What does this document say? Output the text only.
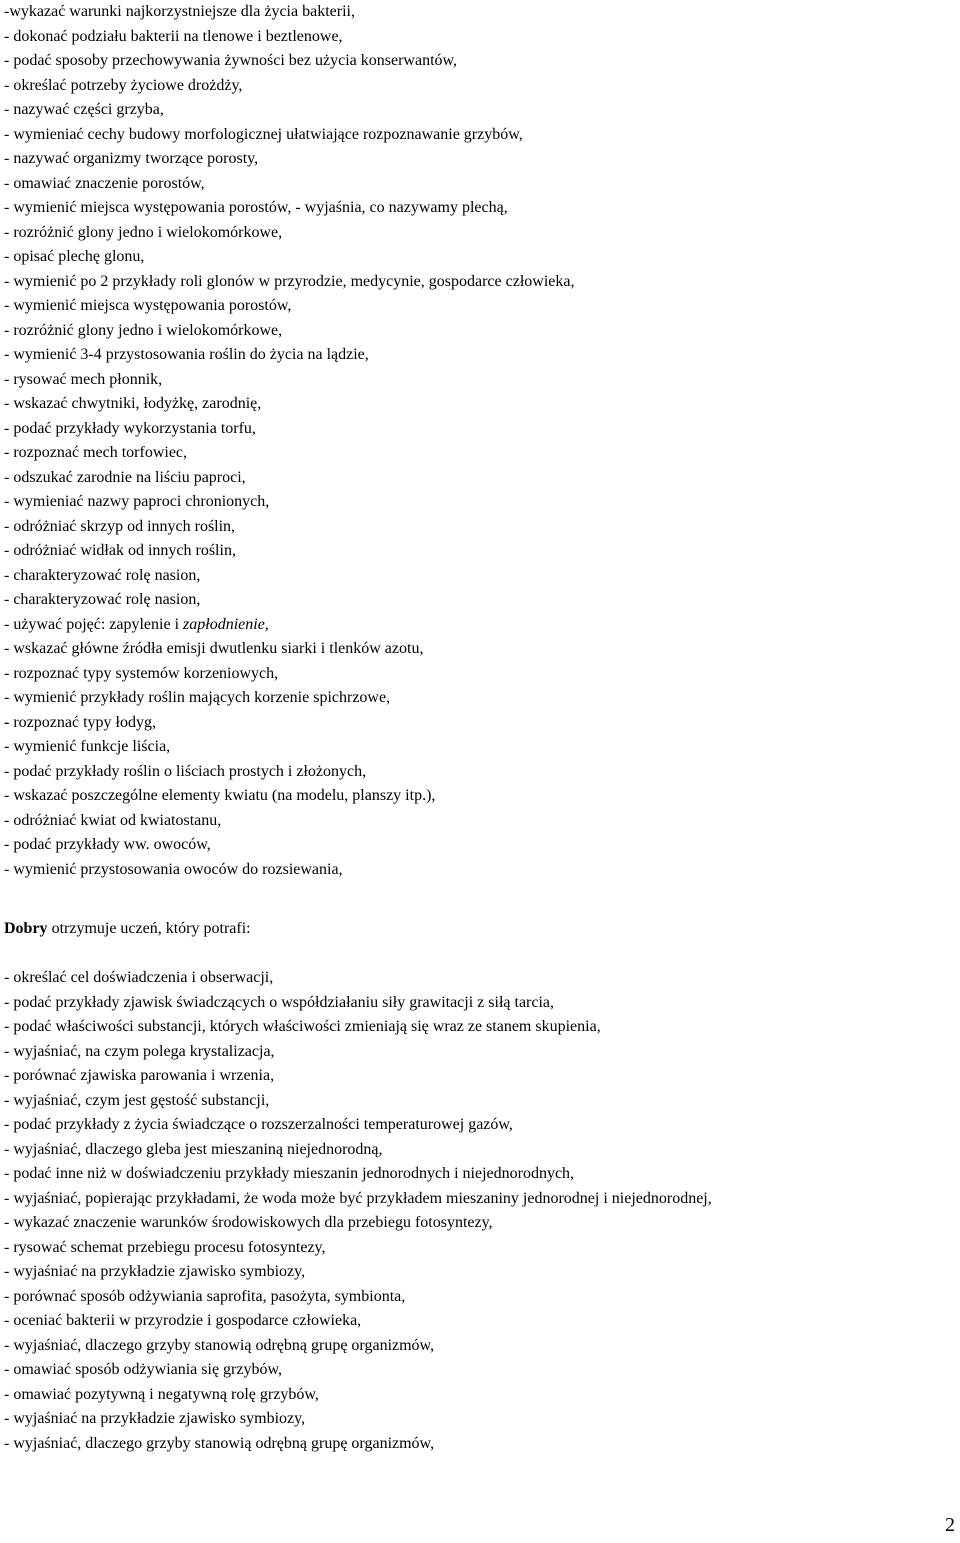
-wykazać warunki najkorzystniejsze dla życia bakterii,
- dokonać podziału bakterii na tlenowe i beztlenowe,
- podać sposoby przechowywania żywności bez użycia konserwantów,
- określać potrzeby życiowe drożdży,
- nazywać części grzyba,
- wymieniać cechy budowy morfologicznej ułatwiające rozpoznawanie grzybów,
- nazywać organizmy tworzące porosty,
- omawiać znaczenie porostów,
- wymienić miejsca występowania porostów, - wyjaśnia, co nazywamy plechą,
- rozróżnić glony jedno i wielokomórkowe,
- opisać plechę glonu,
- wymienić po 2 przykłady roli glonów w przyrodzie, medycynie, gospodarce człowieka,
- wymienić miejsca występowania porostów,
- rozróżnić glony jedno i wielokomórkowe,
- wymienić 3-4 przystosowania roślin do życia na lądzie,
- rysować mech płonnik,
- wskazać chwytniki, łodyżkę, zarodnię,
- podać przykłady wykorzystania torfu,
- rozpoznać mech torfowiec,
- odszukać zarodnie na liściu paproci,
- wymieniać nazwy paproci chronionych,
- odróżniać skrzyp od innych roślin,
- odróżniać widłak od innych roślin,
- charakteryzować rolę nasion,
- charakteryzować rolę nasion,
- używać pojęć: zapylenie i zapłodnienie,
- wskazać główne źródła emisji dwutlenku siarki i tlenków azotu,
- rozpoznać typy systemów korzeniowych,
- wymienić przykłady roślin mających korzenie spichrzowe,
- rozpoznać typy łodyg,
- wymienić funkcje liścia,
- podać przykłady roślin o liściach prostych i złożonych,
- wskazać poszczególne elementy kwiatu (na modelu, planszy itp.),
- odróżniać kwiat od kwiatostanu,
- podać przykłady ww. owoców,
- wymienić przystosowania owoców do rozsiewania,
Dobry otrzymuje uczeń, który potrafi:
- określać cel doświadczenia i obserwacji,
- podać przykłady zjawisk świadczących o współdziałaniu siły grawitacji z siłą tarcia,
- podać właściwości substancji, których właściwości zmieniają się wraz ze stanem skupienia,
- wyjaśniać, na czym polega krystalizacja,
- porównać zjawiska parowania i wrzenia,
- wyjaśniać, czym jest gęstość substancji,
- podać przykłady z życia świadczące o rozszerzalności temperaturowej gazów,
- wyjaśniać, dlaczego gleba jest mieszaniną niejednorodną,
- podać inne niż w doświadczeniu przykłady mieszanin jednorodnych i niejednorodnych,
- wyjaśniać, popierając przykładami, że woda może być przykładem mieszaniny jednorodnej i niejednorodnej,
- wykazać znaczenie warunków środowiskowych dla przebiegu fotosyntezy,
- rysować schemat przebiegu procesu fotosyntezy,
- wyjaśniać na przykładzie zjawisko symbiozy,
- porównać sposób odżywiania saprofita, pasożyta, symbionta,
- oceniać bakterii w przyrodzie i gospodarce człowieka,
- wyjaśniać, dlaczego grzyby stanowią odrębną grupę organizmów,
- omawiać sposób odżywiania się grzybów,
- omawiać pozytywną i negatywną rolę grzybów,
- wyjaśniać na przykładzie zjawisko symbiozy,
- wyjaśniać, dlaczego grzyby stanowią odrębną grupę organizmów,
2
